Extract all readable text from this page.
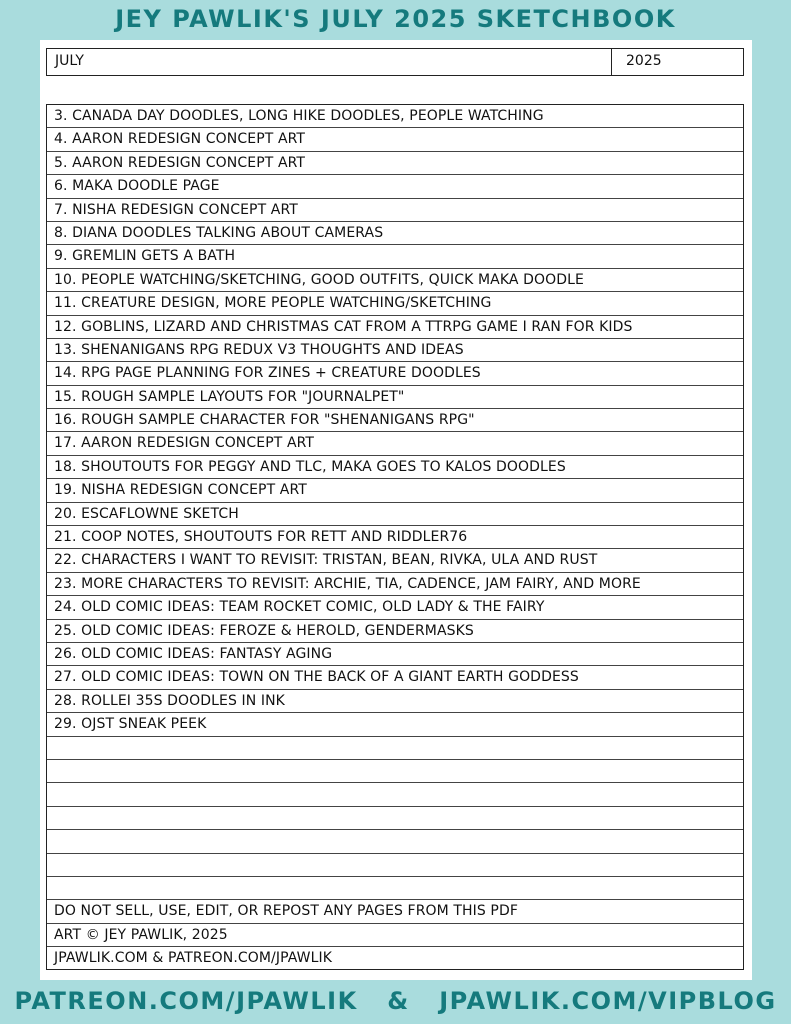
JEY PAWLIK'S JULY 2025 SKETCHBOOK
JULY	2025
3. CANADA DAY DOODLES, LONG HIKE DOODLES, PEOPLE WATCHING
4. AARON REDESIGN CONCEPT ART
5. AARON REDESIGN CONCEPT ART
6. MAKA DOODLE PAGE
7. NISHA REDESIGN CONCEPT ART
8. DIANA DOODLES TALKING ABOUT CAMERAS
9. GREMLIN GETS A BATH
10. PEOPLE WATCHING/SKETCHING, GOOD OUTFITS, QUICK MAKA DOODLE
11. CREATURE DESIGN, MORE PEOPLE WATCHING/SKETCHING
12. GOBLINS, LIZARD AND CHRISTMAS CAT FROM A TTRPG GAME I RAN FOR KIDS
13. SHENANIGANS RPG REDUX V3 THOUGHTS AND IDEAS
14. RPG PAGE PLANNING FOR ZINES + CREATURE DOODLES
15. ROUGH SAMPLE LAYOUTS FOR "JOURNALPET"
16. ROUGH SAMPLE CHARACTER FOR "SHENANIGANS RPG"
17. AARON REDESIGN CONCEPT ART
18. SHOUTOUTS FOR PEGGY AND TLC, MAKA GOES TO KALOS DOODLES
19. NISHA REDESIGN CONCEPT ART
20. ESCAFLOWNE SKETCH
21. COOP NOTES, SHOUTOUTS FOR RETT AND RIDDLER76
22. CHARACTERS I WANT TO REVISIT: TRISTAN, BEAN, RIVKA, ULA AND RUST
23. MORE CHARACTERS TO REVISIT: ARCHIE, TIA, CADENCE, JAM FAIRY, AND MORE
24. OLD COMIC IDEAS: TEAM ROCKET COMIC, OLD LADY & THE FAIRY
25. OLD COMIC IDEAS: FEROZE & HEROLD, GENDERMASKS
26. OLD COMIC IDEAS: FANTASY AGING
27. OLD COMIC IDEAS: TOWN ON THE BACK OF A GIANT EARTH GODDESS
28. ROLLEI 35S DOODLES IN INK
29. OJST SNEAK PEEK
DO NOT SELL, USE, EDIT, OR REPOST ANY PAGES FROM THIS PDF
ART © JEY PAWLIK, 2025
JPAWLIK.COM & PATREON.COM/JPAWLIK
PATREON.COM/JPAWLIK   &   JPAWLIK.COM/VIPBLOG
